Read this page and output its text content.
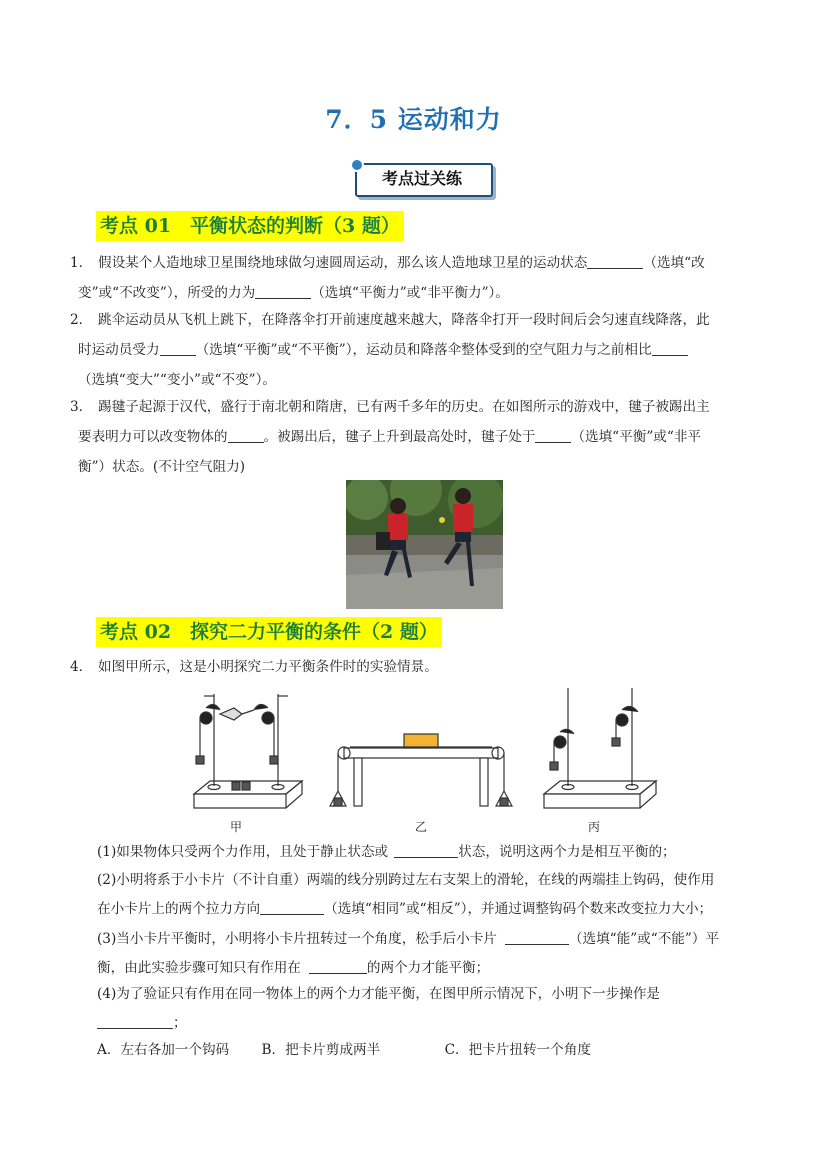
7．5 运动和力
考点过关练
考点 01　平衡状态的判断（3 题）
1． 假设某个人造地球卫星围绕地球做匀速圆周运动，那么该人造地球卫星的运动状态	（选填“改
变”或“不改变”），所受的力为	（选填“平衡力”或“非平衡力”）。
2． 跳伞运动员从飞机上跳下，在降落伞打开前速度越来越大，降落伞打开一段时间后会匀速直线降落，此
时运动员受力	（选填“平衡”或“不平衡”），运动员和降落伞整体受到的空气阻力与之前相比
（选填“变大”“变小”或“不变”）。
3． 踢毽子起源于汉代，盛行于南北朝和隋唐，已有两千多年的历史。在如图所示的游戏中，毽子被踢出主
要表明力可以改变物体的	。被踢出后，毽子上升到最高处时，毽子处于	（选填“平衡”或“非平
衡”）状态。(不计空气阻力)
考点 02　探究二力平衡的条件（2 题）
4． 如图甲所示，这是小明探究二力平衡条件时的实验情景。
甲	乙	丙
(1)如果物体只受两个力作用，且处于静止状态或	状态，说明这两个力是相互平衡的；
(2)小明将系于小卡片（不计自重）两端的线分别跨过左右支架上的滑轮，在线的两端挂上钩码，使作用
在小卡片上的两个拉力方向	（选填“相同”或“相反”），并通过调整钩码个数来改变拉力大小；
(3)当小卡片平衡时，小明将小卡片扭转过一个角度，松手后小卡片	（选填“能”或“不能”）平
衡，由此实验步骤可知只有作用在	的两个力才能平衡；
(4)为了验证只有作用在同一物体上的两个力才能平衡，在图甲所示情况下，小明下一步操作是
；
A．左右各加一个钩码 B．把卡片剪成两半	C．把卡片扭转一个角度
